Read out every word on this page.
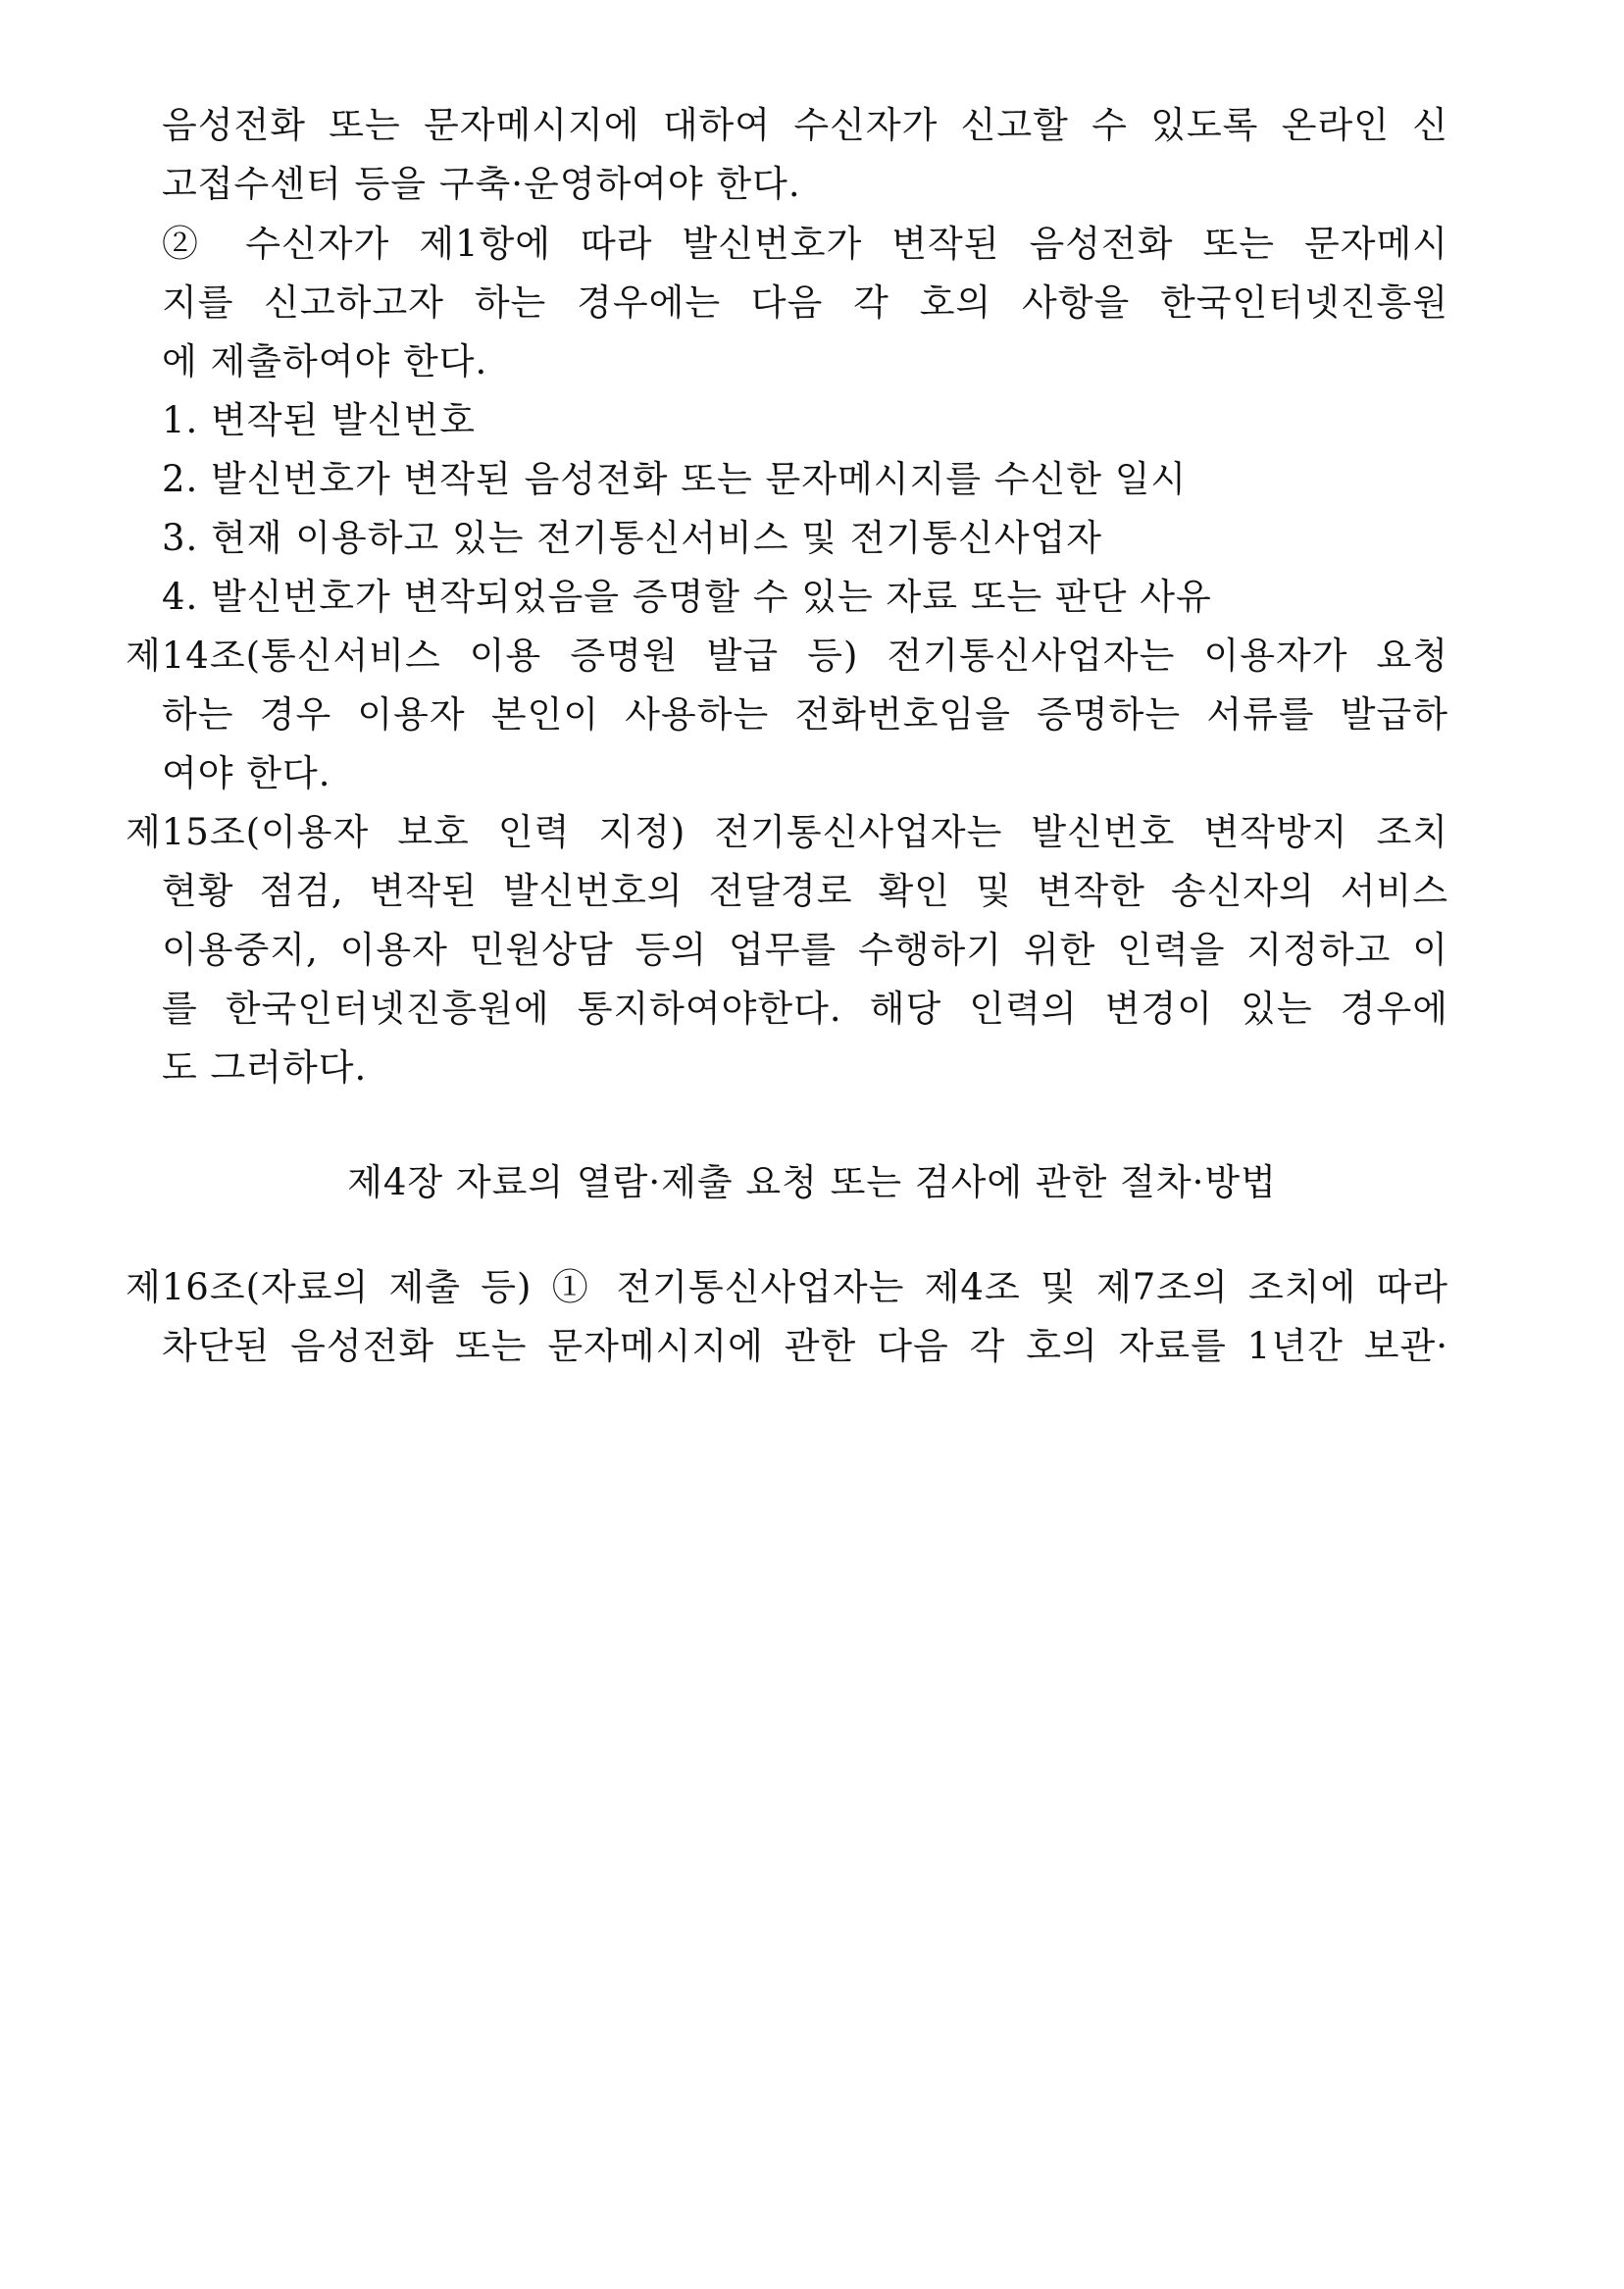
음성전화 또는 문자메시지에 대하여 수신자가 신고할 수 있도록 온라인 신
고접수센터 등을 구축·운영하여야 한다.
② 수신자가 제1항에 따라 발신번호가 변작된 음성전화 또는 문자메시
지를 신고하고자 하는 경우에는 다음 각 호의 사항을 한국인터넷진흥원
에 제출하여야 한다.
1. 변작된 발신번호
2. 발신번호가 변작된 음성전화 또는 문자메시지를 수신한 일시
3. 현재 이용하고 있는 전기통신서비스 및 전기통신사업자
4. 발신번호가 변작되었음을 증명할 수 있는 자료 또는 판단 사유
제14조(통신서비스 이용 증명원 발급 등) 전기통신사업자는 이용자가 요청
하는 경우 이용자 본인이 사용하는 전화번호임을 증명하는 서류를 발급하
여야 한다.
제15조(이용자 보호 인력 지정) 전기통신사업자는 발신번호 변작방지 조치
현황 점검, 변작된 발신번호의 전달경로 확인 및 변작한 송신자의 서비스
이용중지, 이용자 민원상담 등의 업무를 수행하기 위한 인력을 지정하고 이
를 한국인터넷진흥원에 통지하여야한다. 해당 인력의 변경이 있는 경우에
도 그러하다.
제4장 자료의 열람·제출 요청 또는 검사에 관한 절차·방법
제16조(자료의 제출 등) ① 전기통신사업자는 제4조 및 제7조의 조치에 따라
차단된 음성전화 또는 문자메시지에 관한 다음 각 호의 자료를 1년간 보관·
